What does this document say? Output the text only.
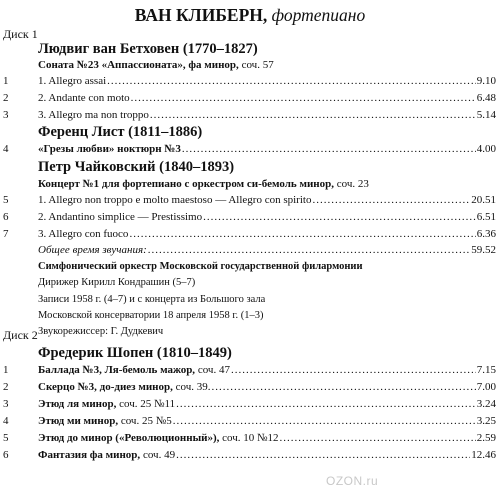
ВАН КЛИБЕРН, фортепиано
Диск 1
Людвиг ван Бетховен (1770–1827)
Соната №23 «Аппассионата», фа минор, соч. 57
1	1. Allegro assai .....	9.10
2	2. Andante con moto .....	6.48
3	3. Allegro ma non troppo .....	5.14
Ференц Лист (1811–1886)
4	«Грезы любви» ноктюрн №3 .....	4.00
Петр Чайковский (1840–1893)
Концерт №1 для фортепиано с оркестром си-бемоль минор, соч. 23
5	1. Allegro non troppo e molto maestoso — Allegro con spirito .....	20.51
6	2. Andantino simplice — Prestissimo .....	6.51
7	3. Allegro con fuoco .....	6.36
Общее время звучания: .....	59.52
Симфонический оркестр Московской государственной филармонии
Дирижер Кирилл Кондрашин (5–7)
Записи 1958 г. (4–7) и с концерта из Большого зала
Московской консерватории 18 апреля 1958 г. (1–3)
Звукорежиссер: Г. Дудкевич
Диск 2
Фредерик Шопен (1810–1849)
1	Баллада №3, Ля-бемоль мажор, соч. 47 .....	7.15
2	Скерцо №3, до-диез минор, соч. 39. .....	7.00
3	Этюд ля минор, соч. 25 №11 .....	3.24
4	Этюд ми минор, соч. 25 №5 .....	3.25
5	Этюд до минор («Революционный»), соч. 10 №12 .....	2.59
6	Фантазия фа минор, соч. 49 .....	12.46
OZON.ru
